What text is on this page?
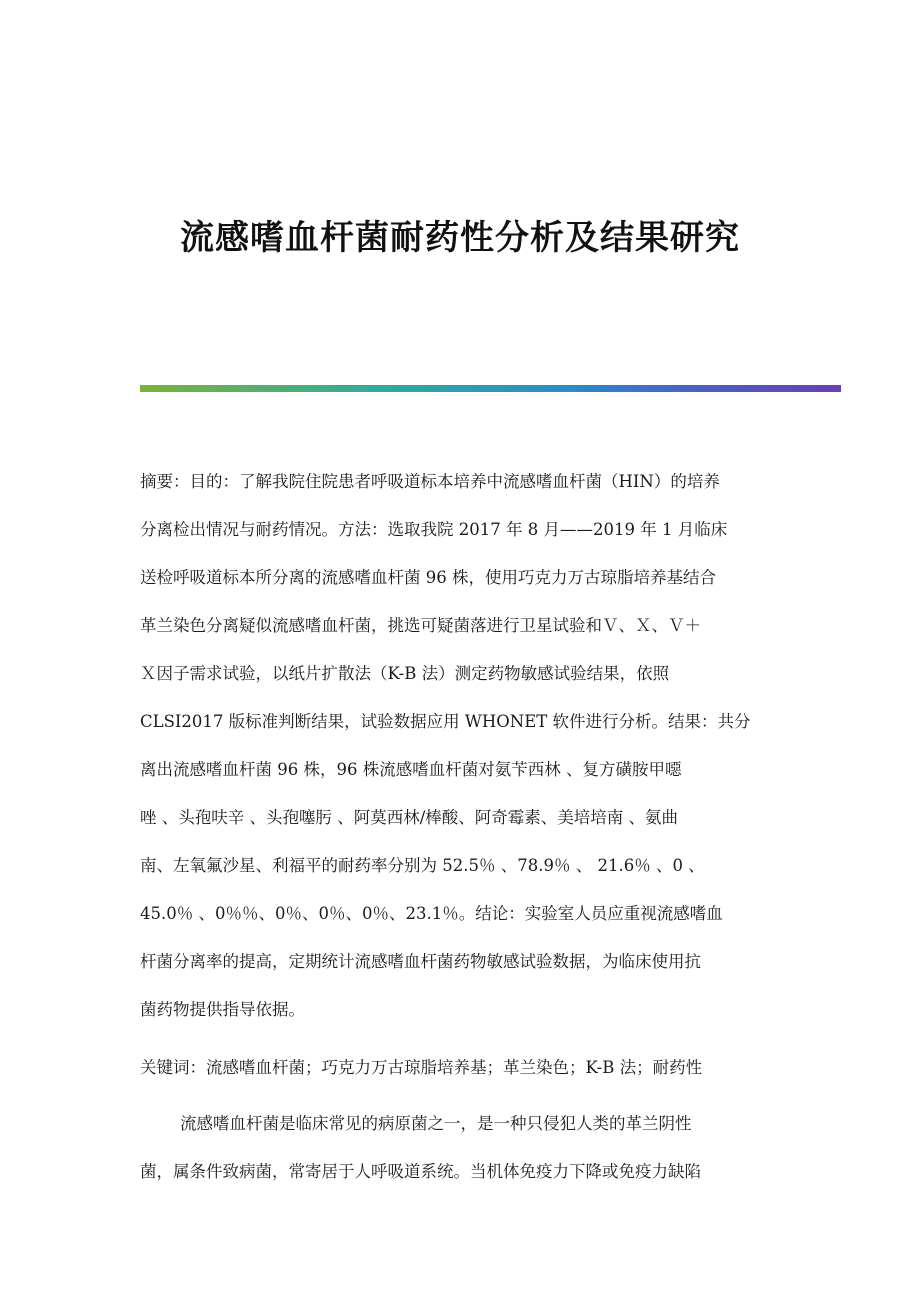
流感嗜血杆菌耐药性分析及结果研究
摘要：目的：了解我院住院患者呼吸道标本培养中流感嗜血杆菌（HIN）的培养
分离检出情况与耐药情况。方法：选取我院 2017 年 8 月——2019 年 1 月临床
送检呼吸道标本所分离的流感嗜血杆菌 96 株，使用巧克力万古琼脂培养基结合
革兰染色分离疑似流感嗜血杆菌，挑选可疑菌落进行卫星试验和Ｖ、Ｘ、Ｖ＋
Ｘ因子需求试验，以纸片扩散法（K-B 法）测定药物敏感试验结果，依照
CLSI2017 版标准判断结果，试验数据应用 WHONET 软件进行分析。结果：共分
离出流感嗜血杆菌 96 株，96 株流感嗜血杆菌对氨苄西林 、复方磺胺甲噁
唑 、头孢呋辛 、头孢噻肟 、阿莫西林/棒酸、阿奇霉素、美培培南 、氨曲
南、左氧氟沙星、利福平的耐药率分别为 52.5％ 、78.9％ 、 21.6％ 、0 、
45.0％ 、0％％、0％、0％、0％、23.1％。结论：实验室人员应重视流感嗜血
杆菌分离率的提高，定期统计流感嗜血杆菌药物敏感试验数据，为临床使用抗
菌药物提供指导依据。
关键词：流感嗜血杆菌；巧克力万古琼脂培养基；革兰染色；K-B 法；耐药性
流感嗜血杆菌是临床常见的病原菌之一，是一种只侵犯人类的革兰阴性
菌，属条件致病菌，常寄居于人呼吸道系统。当机体免疫力下降或免疫力缺陷
